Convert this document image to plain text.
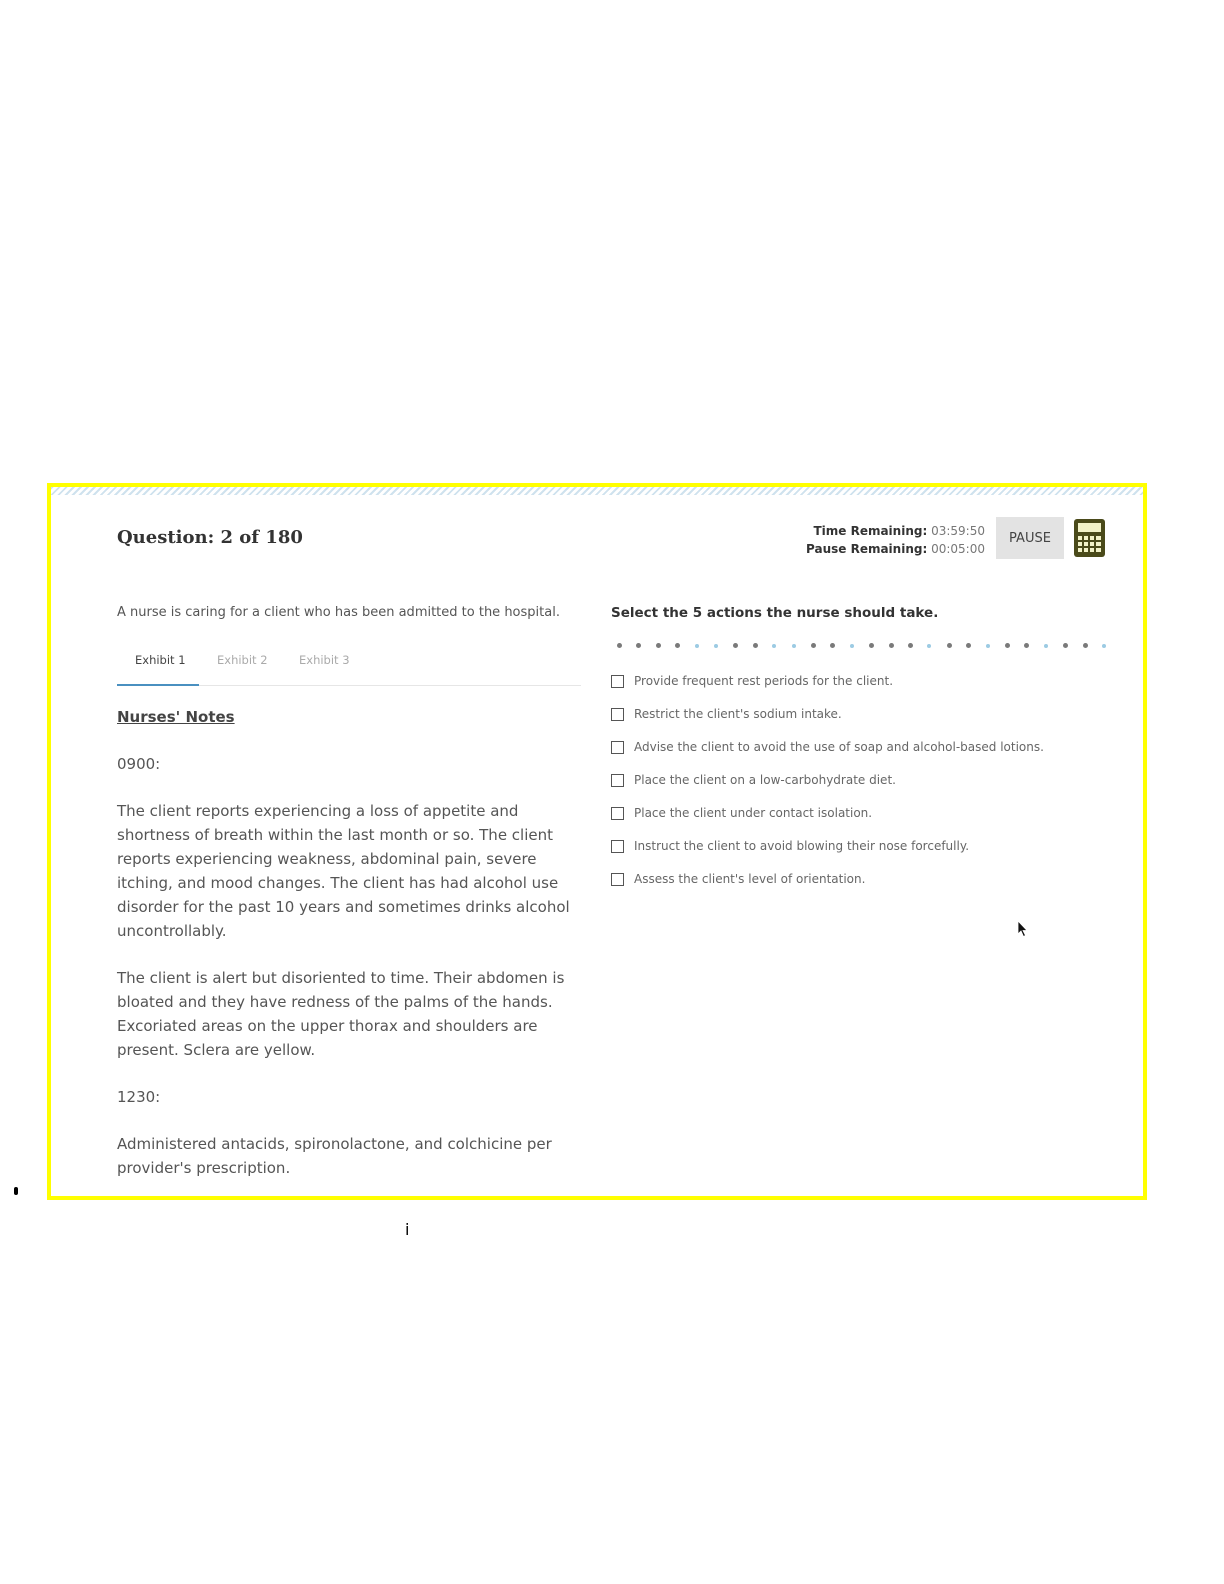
Question: 2 of 180	Time Remaining: 03:59:50
Pause Remaining: 00:05:00
PAUSE
A nurse is caring for a client who has been admitted to the hospital.
Exhibit 1	Exhibit 2	Exhibit 3
Nurses' Notes

0900:

The client reports experiencing a loss of appetite and shortness of breath within the last month or so. The client reports experiencing weakness, abdominal pain, severe itching, and mood changes. The client has had alcohol use disorder for the past 10 years and sometimes drinks alcohol uncontrollably.

The client is alert but disoriented to time. Their abdomen is bloated and they have redness of the palms of the hands. Excoriated areas on the upper thorax and shoulders are present. Sclera are yellow.

1230:

Administered antacids, spironolactone, and colchicine per provider's prescription.

Select the 5 actions the nurse should take.
Provide frequent rest periods for the client.
Restrict the client's sodium intake.
Advise the client to avoid the use of soap and alcohol-based lotions.
Place the client on a low-carbohydrate diet.
Place the client under contact isolation.
Instruct the client to avoid blowing their nose forcefully.
Assess the client's level of orientation.
i
